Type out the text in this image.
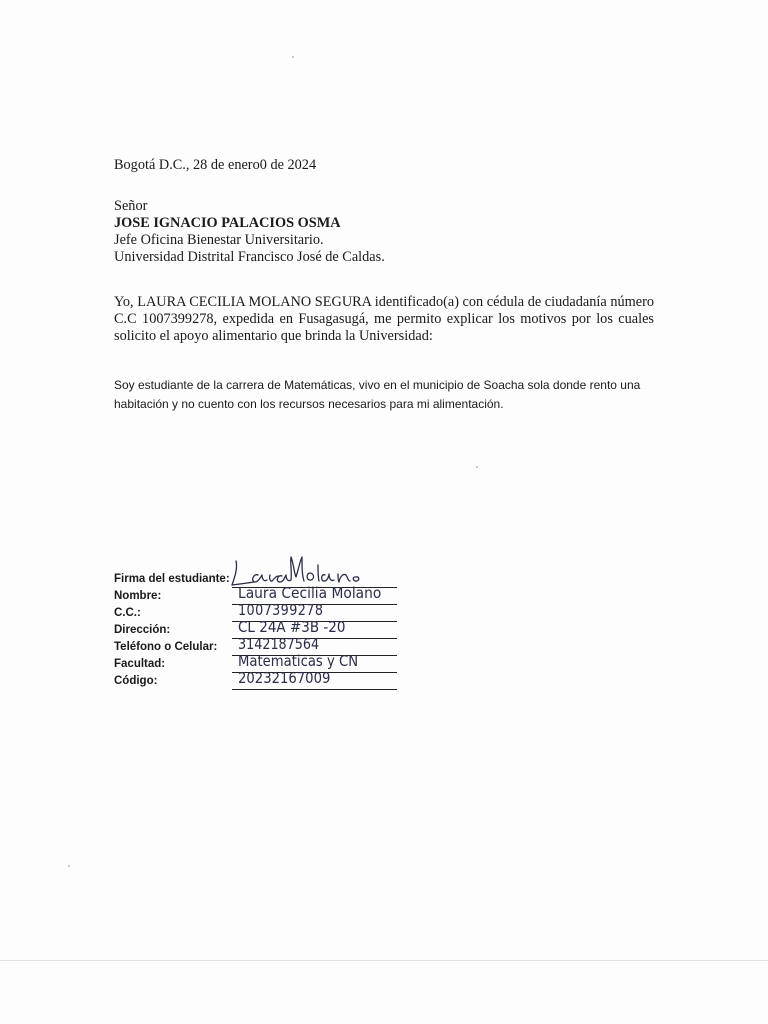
Bogotá D.C., 28 de enero0 de 2024
Señor
JOSE IGNACIO PALACIOS OSMA
Jefe Oficina Bienestar Universitario.
Universidad Distrital Francisco José de Caldas.
Yo, LAURA CECILIA MOLANO SEGURA identificado(a) con cédula de ciudadanía número C.C 1007399278, expedida en Fusagasugá, me permito explicar los motivos por los cuales solicito el apoyo alimentario que brinda la Universidad:
Soy estudiante de la carrera de Matemáticas, vivo en el municipio de Soacha sola donde rento una habitación y no cuento con los recursos necesarios para mi alimentación.
Firma del estudiante:
Nombre:	Laura Cecilia Molano
C.C.:	1007399278
Dirección:	CL 24A #3B -20
Teléfono o Celular: 3142187564
Facultad:	Matematicas y CN
Código:	20232167009
